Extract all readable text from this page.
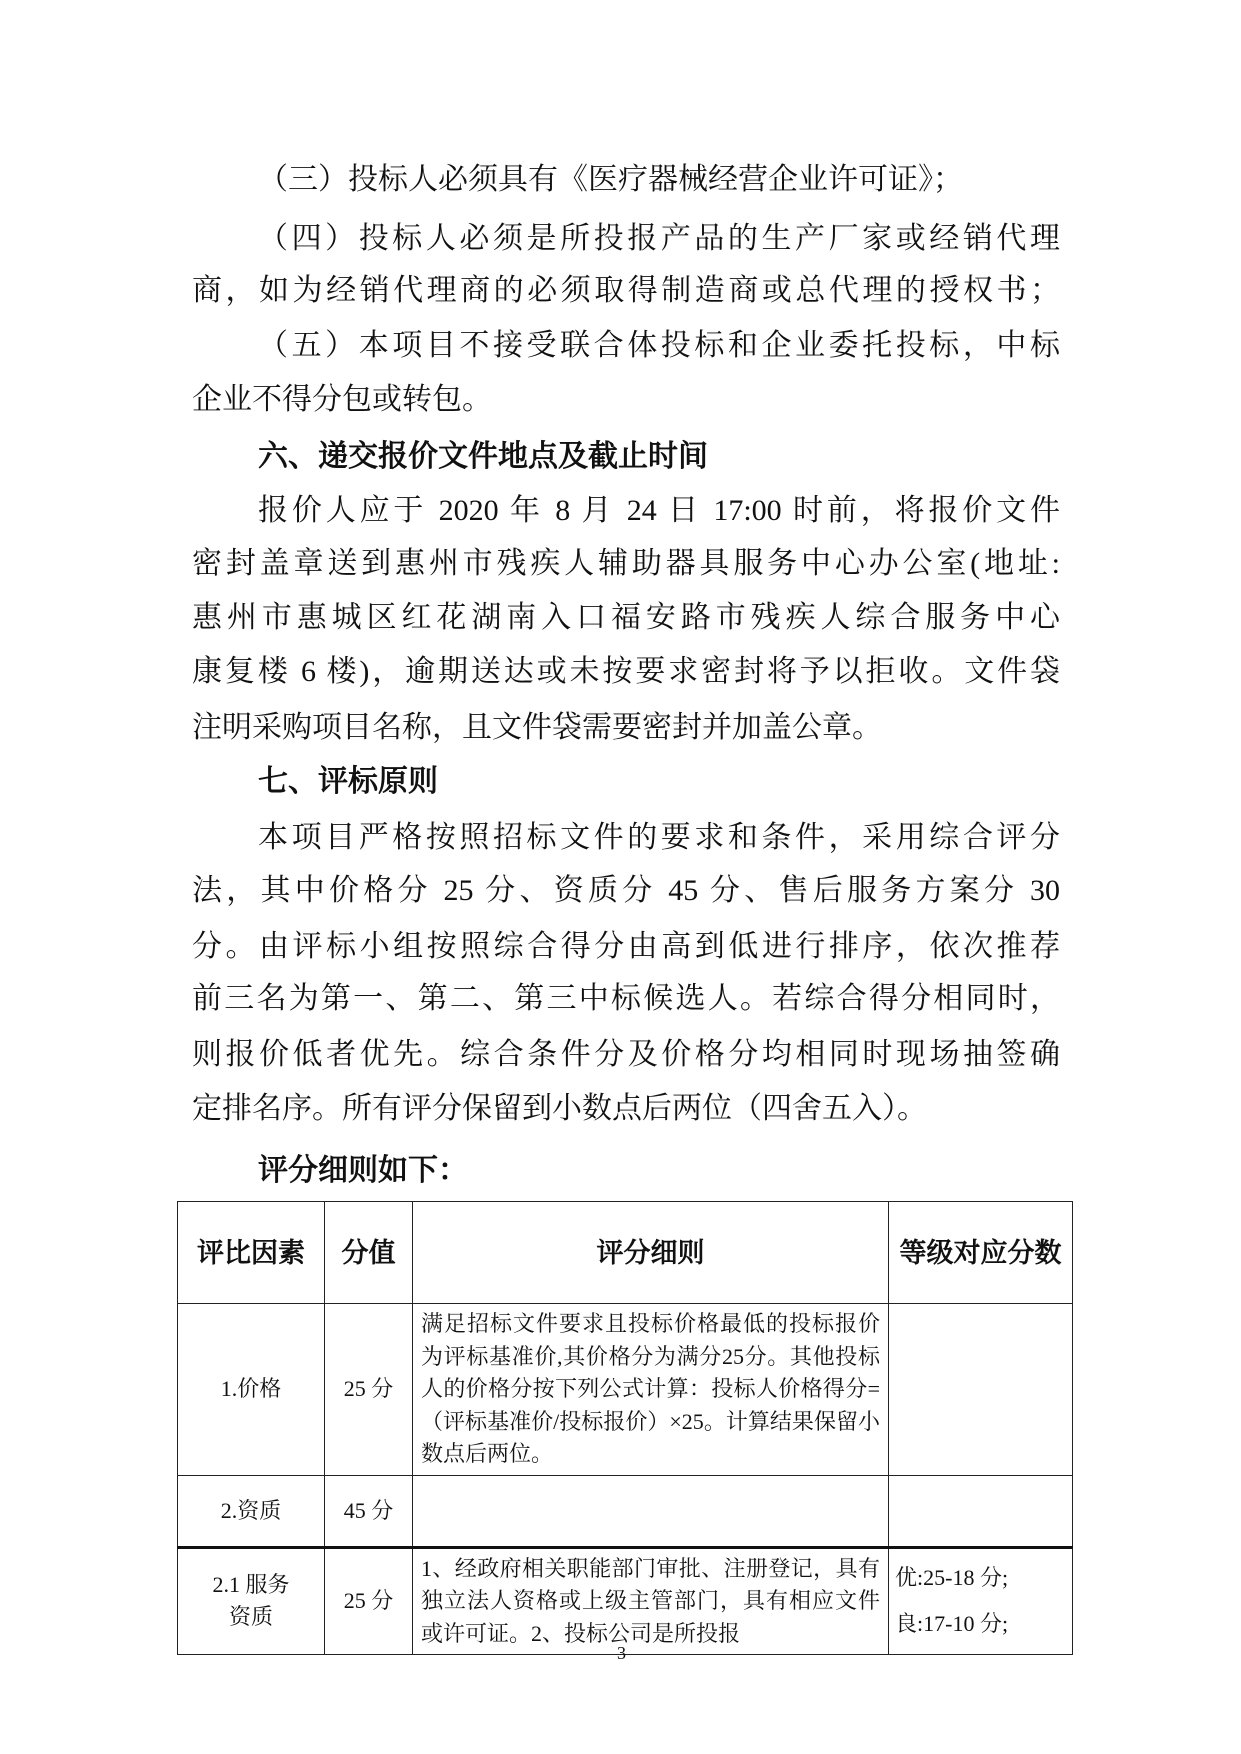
（三）投标人必须具有《医疗器械经营企业许可证》；
（四）投标人必须是所投报产品的生产厂家或经销代理
商，如为经销代理商的必须取得制造商或总代理的授权书；
（五）本项目不接受联合体投标和企业委托投标，中标
企业不得分包或转包。
六、递交报价文件地点及截止时间
报价人应于 2020 年 8 月 24 日 17:00 时前，将报价文件
密封盖章送到惠州市残疾人辅助器具服务中心办公室(地址:
惠州市惠城区红花湖南入口福安路市残疾人综合服务中心
康复楼 6 楼)，逾期送达或未按要求密封将予以拒收。文件袋
注明采购项目名称，且文件袋需要密封并加盖公章。
七、评标原则
本项目严格按照招标文件的要求和条件，采用综合评分
法，其中价格分 25 分、资质分 45 分、售后服务方案分 30
分。由评标小组按照综合得分由高到低进行排序，依次推荐
前三名为第一、第二、第三中标候选人。若综合得分相同时，
则报价低者优先。综合条件分及价格分均相同时现场抽签确
定排名序。所有评分保留到小数点后两位（四舍五入）。
评分细则如下：
评比因素	分值	评分细则	等级对应分数
1.价格	25 分	满足招标文件要求且投标价格最低的投标报价为评标基准价,其价格分为满分25分。其他投标人的价格分按下列公式计算：投标人价格得分=（评标基准价/投标报价）×25。计算结果保留小数点后两位。	
2.资质	45 分		
2.1 服务资质	25 分	1、经政府相关职能部门审批、注册登记，具有独立法人资格或上级主管部门，具有相应文件或许可证。2、投标公司是所投报	优:25-18 分;
良:17-10 分;
3
